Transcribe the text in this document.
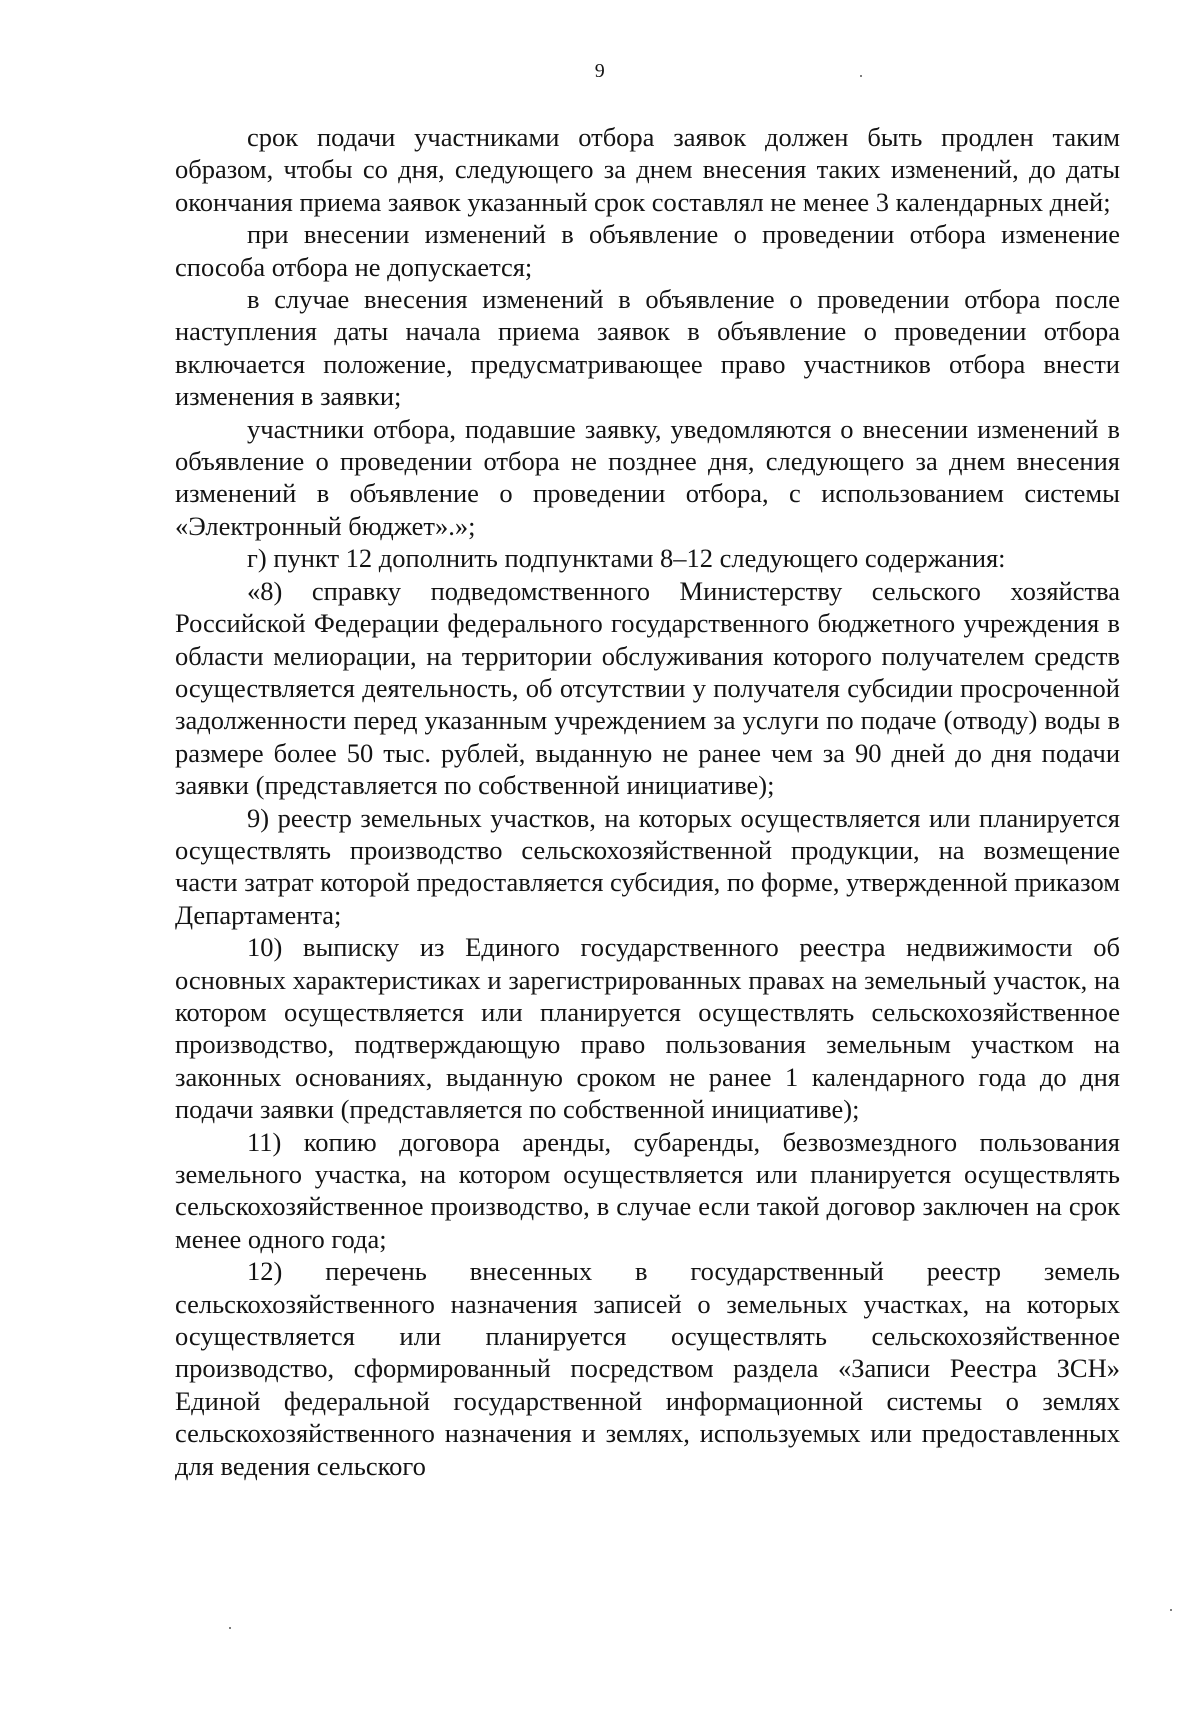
9

срок подачи участниками отбора заявок должен быть продлен таким образом, чтобы со дня, следующего за днем внесения таких изменений, до даты окончания приема заявок указанный срок составлял не менее 3 календарных дней;

при внесении изменений в объявление о проведении отбора изменение способа отбора не допускается;

в случае внесения изменений в объявление о проведении отбора после наступления даты начала приема заявок в объявление о проведении отбора включается положение, предусматривающее право участников отбора внести изменения в заявки;

участники отбора, подавшие заявку, уведомляются о внесении изменений в объявление о проведении отбора не позднее дня, следующего за днем внесения изменений в объявление о проведении отбора, с использованием системы «Электронный бюджет».»;

г) пункт 12 дополнить подпунктами 8–12 следующего содержания:

«8) справку подведомственного Министерству сельского хозяйства Российской Федерации федерального государственного бюджетного учреждения в области мелиорации, на территории обслуживания которого получателем средств осуществляется деятельность, об отсутствии у получателя субсидии просроченной задолженности перед указанным учреждением за услуги по подаче (отводу) воды в размере более 50 тыс. рублей, выданную не ранее чем за 90 дней до дня подачи заявки (представляется по собственной инициативе);

9) реестр земельных участков, на которых осуществляется или планируется осуществлять производство сельскохозяйственной продукции, на возмещение части затрат которой предоставляется субсидия, по форме, утвержденной приказом Департамента;

10) выписку из Единого государственного реестра недвижимости об основных характеристиках и зарегистрированных правах на земельный участок, на котором осуществляется или планируется осуществлять сельскохозяйственное производство, подтверждающую право пользования земельным участком на законных основаниях, выданную сроком не ранее 1 календарного года до дня подачи заявки (представляется по собственной инициативе);

11) копию договора аренды, субаренды, безвозмездного пользования земельного участка, на котором осуществляется или планируется осуществлять сельскохозяйственное производство, в случае если такой договор заключен на срок менее одного года;

12) перечень внесенных в государственный реестр земель сельскохозяйственного назначения записей о земельных участках, на которых осуществляется или планируется осуществлять сельскохозяйственное производство, сформированный посредством раздела «Записи Реестра ЗСН» Единой федеральной государственной информационной системы о землях сельскохозяйственного назначения и землях, используемых или предоставленных для ведения сельского
